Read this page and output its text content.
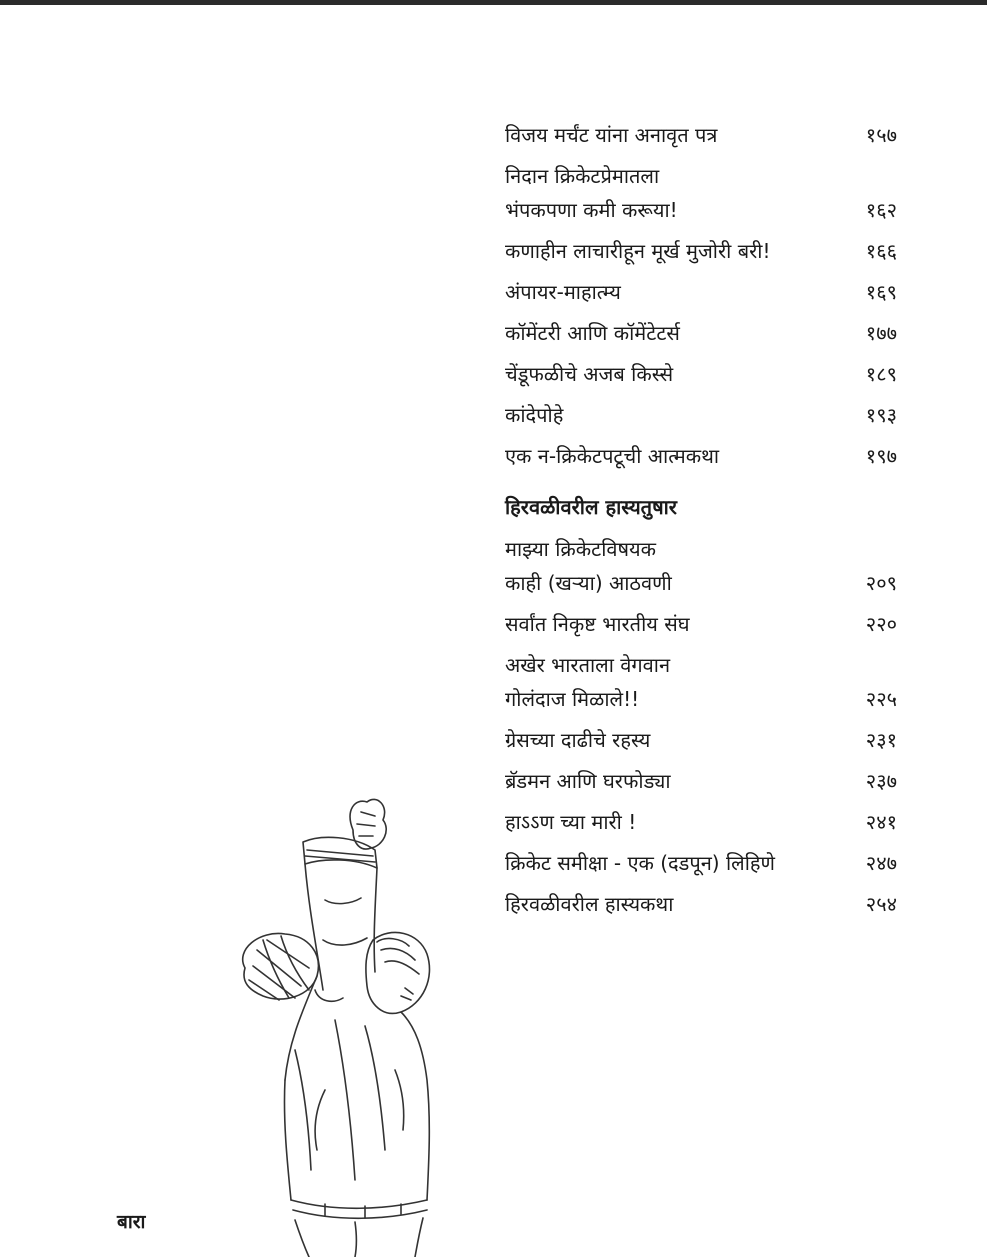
विजय मर्चंट यांना अनावृत पत्र	१५७
निदान क्रिकेटप्रेमातला
भंपकपणा कमी करूया!	१६२
कणाहीन लाचारीहून मूर्ख मुजोरी बरी!	१६६
अंपायर-माहात्म्य	१६९
कॉमेंटरी आणि कॉमेंटेटर्स	१७७
चेंडूफळीचे अजब किस्से	१८९
कांदेपोहे	१९३
एक न-क्रिकेटपटूची आत्मकथा	१९७
हिरवळीवरील हास्यतुषार
माझ्या क्रिकेटविषयक
काही (खऱ्या) आठवणी	२०९
सर्वांत निकृष्ट भारतीय संघ	२२०
अखेर भारताला वेगवान
गोलंदाज मिळाले!!	२२५
ग्रेसच्या दाढीचे रहस्य	२३१
ब्रॅडमन आणि घरफोड्या	२३७
हाऽऽण च्या मारी !	२४१
क्रिकेट समीक्षा - एक (दडपून) लिहिणे	२४७
हिरवळीवरील हास्यकथा	२५४
बारा
